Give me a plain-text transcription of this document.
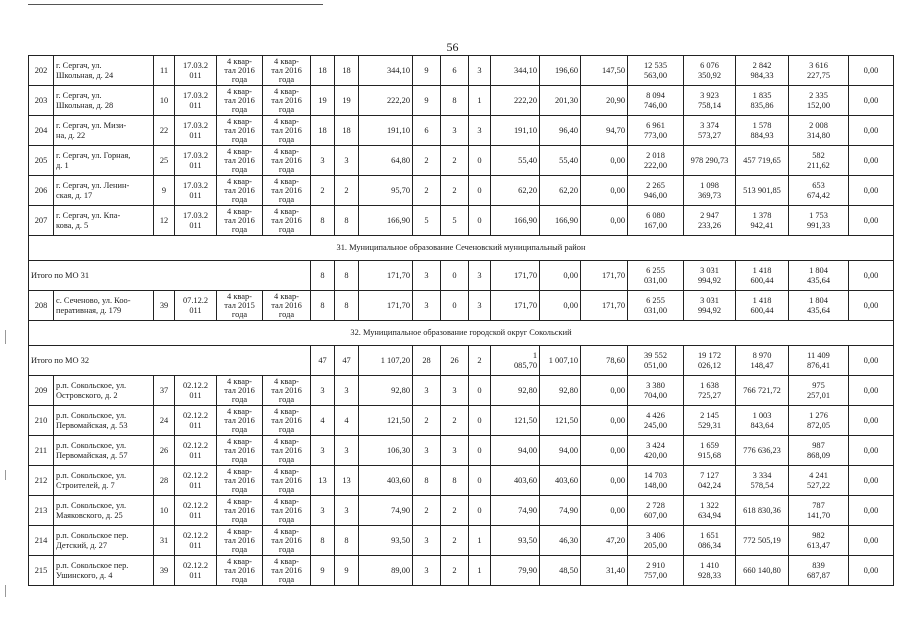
56
202	г. Сергач, ул.
Школьная, д. 24	11	17.03.2
011	4 квар-
тал 2016
года	4 квар-
тал 2016
года	18	18	344,10	9	6	3	344,10	196,60	147,50	12 535
563,00	6 076
350,92	2 842
984,33	3 616
227,75	0,00
203	г. Сергач, ул.
Школьная, д. 28	10	17.03.2
011	4 квар-
тал 2016
года	4 квар-
тал 2016
года	19	19	222,20	9	8	1	222,20	201,30	20,90	8 094
746,00	3 923
758,14	1 835
835,86	2 335
152,00	0,00
204	г. Сергач, ул. Мизи-
на, д. 22	22	17.03.2
011	4 квар-
тал 2016
года	4 квар-
тал 2016
года	18	18	191,10	6	3	3	191,10	96,40	94,70	6 961
773,00	3 374
573,27	1 578
884,93	2 008
314,80	0,00
205	г. Сергач, ул. Горная,
д. 1	25	17.03.2
011	4 квар-
тал 2016
года	4 квар-
тал 2016
года	3	3	64,80	2	2	0	55,40	55,40	0,00	2 018
222,00	978 290,73	457 719,65	582
211,62	0,00
206	г. Сергач, ул. Ленин-
ская, д. 17	9	17.03.2
011	4 квар-
тал 2016
года	4 квар-
тал 2016
года	2	2	95,70	2	2	0	62,20	62,20	0,00	2 265
946,00	1 098
369,73	513 901,85	653
674,42	0,00
207	г. Сергач, ул. Кпа-
кова, д. 5	12	17.03.2
011	4 квар-
тал 2016
года	4 квар-
тал 2016
года	8	8	166,90	5	5	0	166,90	166,90	0,00	6 080
167,00	2 947
233,26	1 378
942,41	1 753
991,33	0,00
31. Муниципальное образование Сеченовский муниципальный район																			
Итого по МО 31						8	8	171,70	3	0	3	171,70	0,00	171,70	6 255
031,00	3 031
994,92	1 418
600,44	1 804
435,64	0,00
208	с. Сеченово, ул. Коо-
перативная, д. 179	39	07.12.2
011	4 квар-
тал 2015
года	4 квар-
тал 2016
года	8	8	171,70	3	0	3	171,70	0,00	171,70	6 255
031,00	3 031
994,92	1 418
600,44	1 804
435,64	0,00
32. Муниципальное образование городской округ Сокольский																			
Итого по МО 32						47	47	1 107,20	28	26	2	1
085,70	1 007,10	78,60	39 552
051,00	19 172
026,12	8 970
148,47	11 409
876,41	0,00
209	р.п. Сокольское, ул.
Островского, д. 2	37	02.12.2
011	4 квар-
тал 2016
года	4 квар-
тал 2016
года	3	3	92,80	3	3	0	92,80	92,80	0,00	3 380
704,00	1 638
725,27	766 721,72	975
257,01	0,00
210	р.п. Сокольское, ул.
Первомайская, д. 53	24	02.12.2
011	4 квар-
тал 2016
года	4 квар-
тал 2016
года	4	4	121,50	2	2	0	121,50	121,50	0,00	4 426
245,00	2 145
529,31	1 003
843,64	1 276
872,05	0,00
211	р.п. Сокольское, ул.
Первомайская, д. 57	26	02.12.2
011	4 квар-
тал 2016
года	4 квар-
тал 2016
года	3	3	106,30	3	3	0	94,00	94,00	0,00	3 424
420,00	1 659
915,68	776 636,23	987
868,09	0,00
212	р.п. Сокольское, ул.
Строителей, д. 7	28	02.12.2
011	4 квар-
тал 2016
года	4 квар-
тал 2016
года	13	13	403,60	8	8	0	403,60	403,60	0,00	14 703
148,00	7 127
042,24	3 334
578,54	4 241
527,22	0,00
213	р.п. Сокольское, ул.
Маяковского, д. 25	10	02.12.2
011	4 квар-
тал 2016
года	4 квар-
тал 2016
года	3	3	74,90	2	2	0	74,90	74,90	0,00	2 728
607,00	1 322
634,94	618 830,36	787
141,70	0,00
214	р.п. Сокольское пер.
Детский, д. 27	31	02.12.2
011	4 квар-
тал 2016
года	4 квар-
тал 2016
года	8	8	93,50	3	2	1	93,50	46,30	47,20	3 406
205,00	1 651
086,34	772 505,19	982
613,47	0,00
215	р.п. Сокольское пер.
Ушинского, д. 4	39	02.12.2
011	4 квар-
тал 2016
года	4 квар-
тал 2016
года	9	9	89,00	3	2	1	79,90	48,50	31,40	2 910
757,00	1 410
928,33	660 140,80	839
687,87	0,00
